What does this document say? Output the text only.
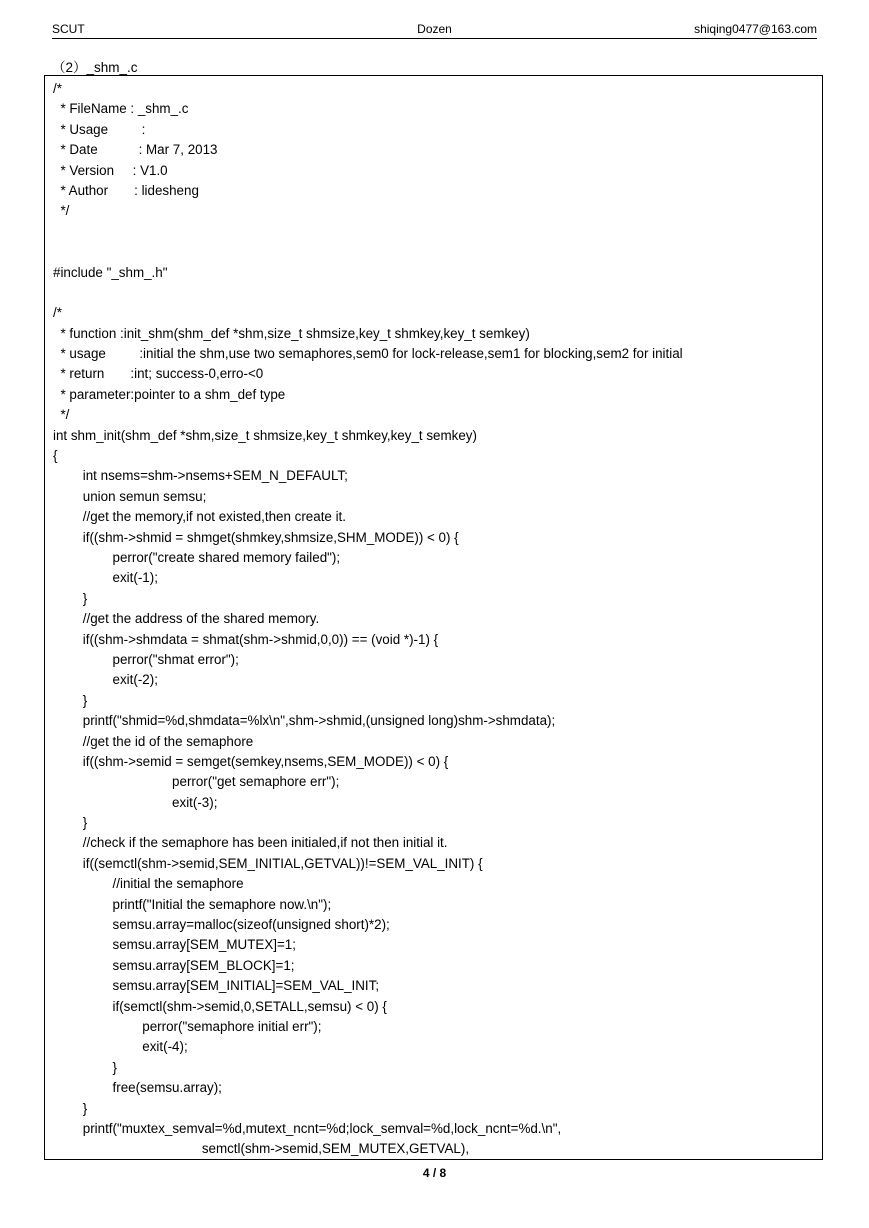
SCUT	Dozen	shiqing0477@163.com
（2）_shm_.c
/*
* FileName : _shm_.c
* Usage         :
* Date           : Mar 7, 2013
* Version     : V1.0
* Author       : lidesheng
*/
#include "_shm_.h"
/*
* function :init_shm(shm_def *shm,size_t shmsize,key_t shmkey,key_t semkey)
* usage         :initial the shm,use two semaphores,sem0 for lock-release,sem1 for blocking,sem2 for initial
* return       :int; success-0,erro-<0
* parameter:pointer to a shm_def type
*/
int shm_init(shm_def *shm,size_t shmsize,key_t shmkey,key_t semkey)
{
int nsems=shm->nsems+SEM_N_DEFAULT;
union semun semsu;
//get the memory,if not existed,then create it.
if((shm->shmid = shmget(shmkey,shmsize,SHM_MODE)) < 0) {
perror("create shared memory failed");
exit(-1);
}
//get the address of the shared memory.
if((shm->shmdata = shmat(shm->shmid,0,0)) == (void *)-1) {
perror("shmat error");
exit(-2);
}
printf("shmid=%d,shmdata=%lx\n",shm->shmid,(unsigned long)shm->shmdata);
//get the id of the semaphore
if((shm->semid = semget(semkey,nsems,SEM_MODE)) < 0) {
perror("get semaphore err");
exit(-3);
}
//check if the semaphore has been initialed,if not then initial it.
if((semctl(shm->semid,SEM_INITIAL,GETVAL))!=SEM_VAL_INIT) {
//initial the semaphore
printf("Initial the semaphore now.\n");
semsu.array=malloc(sizeof(unsigned short)*2);
semsu.array[SEM_MUTEX]=1;
semsu.array[SEM_BLOCK]=1;
semsu.array[SEM_INITIAL]=SEM_VAL_INIT;
if(semctl(shm->semid,0,SETALL,semsu) < 0) {
perror("semaphore initial err");
exit(-4);
}
free(semsu.array);
}
printf("muxtex_semval=%d,mutext_ncnt=%d;lock_semval=%d,lock_ncnt=%d.\n",
semctl(shm->semid,SEM_MUTEX,GETVAL),
4 / 8
